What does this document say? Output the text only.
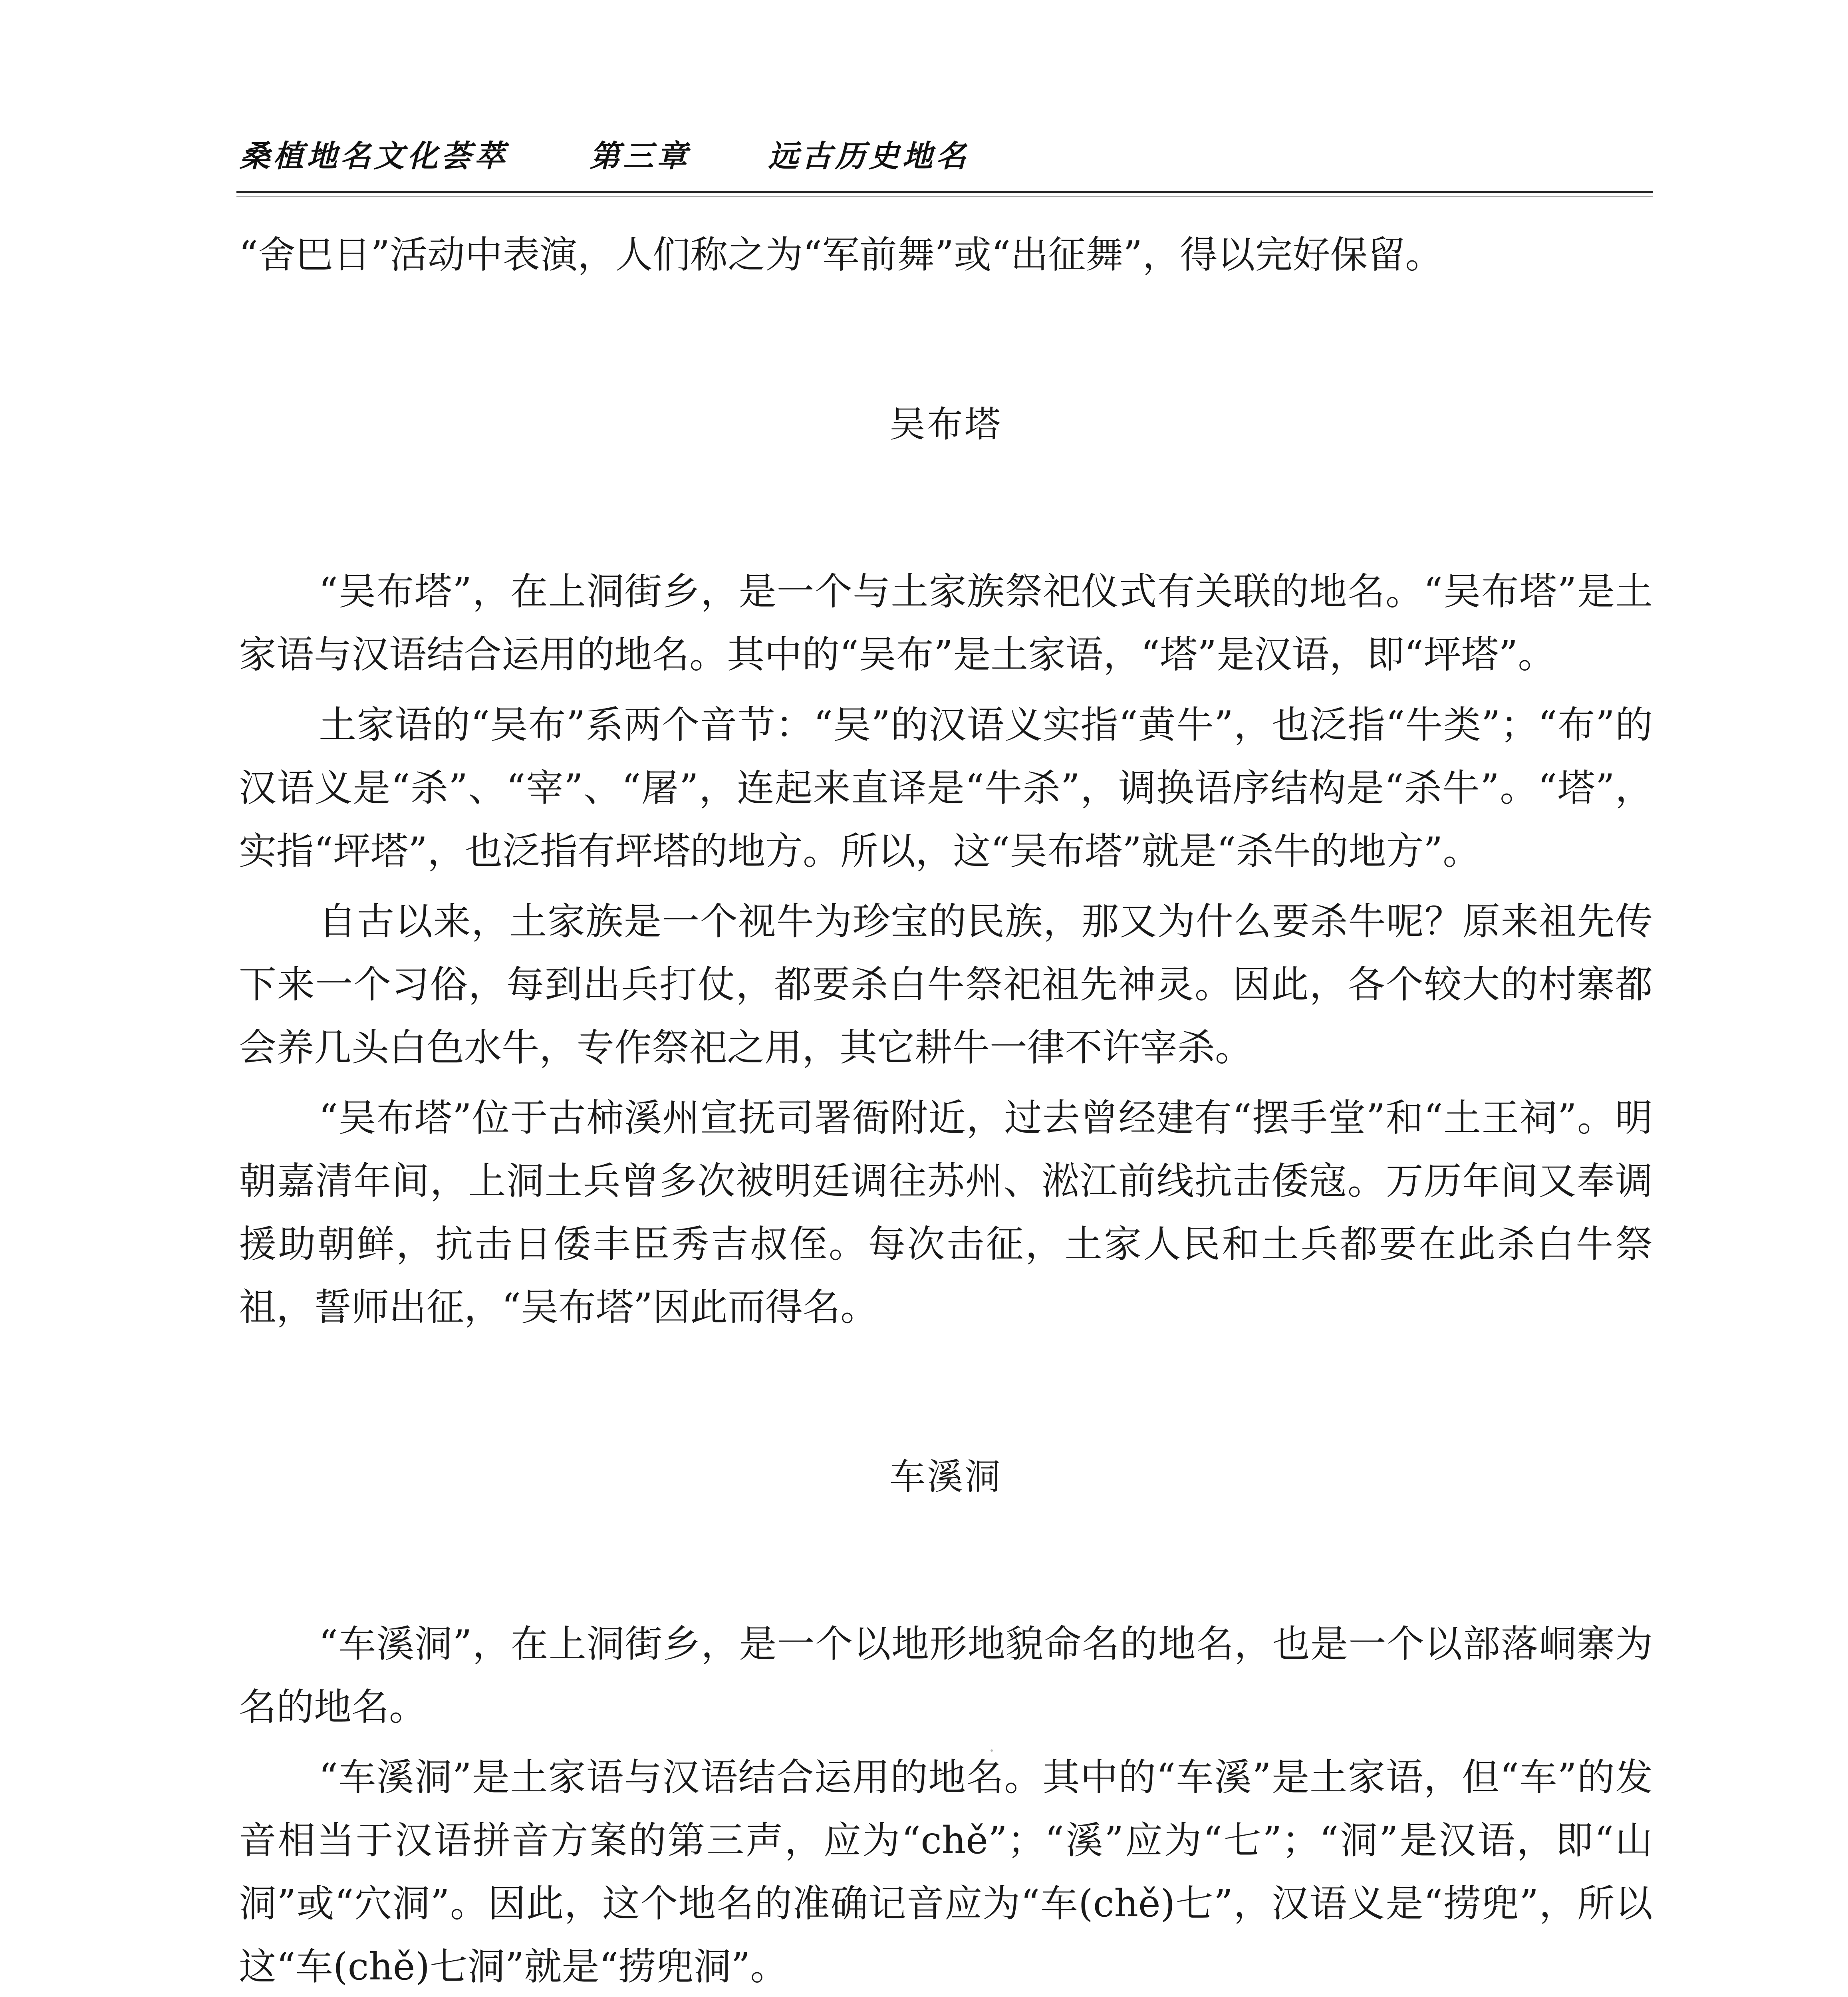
桑植地名文化荟萃	第三章	远古历史地名

“舍巴日”活动中表演，人们称之为“军前舞”或“出征舞”，得以完好保留。

吴布塔

“吴布塔”，在上洞街乡，是一个与土家族祭祀仪式有关联的地名。“吴布塔”是土家语与汉语结合运用的地名。其中的“吴布”是土家语，“塔”是汉语，即“坪塔”。

土家语的“吴布”系两个音节：“吴”的汉语义实指“黄牛”，也泛指“牛类”；“布”的汉语义是“杀”、“宰”、“屠”，连起来直译是“牛杀”，调换语序结构是“杀牛”。“塔”，实指“坪塔”，也泛指有坪塔的地方。所以，这“吴布塔”就是“杀牛的地方”。

自古以来，土家族是一个视牛为珍宝的民族，那又为什么要杀牛呢？原来祖先传下来一个习俗，每到出兵打仗，都要杀白牛祭祀祖先神灵。因此，各个较大的村寨都会养几头白色水牛，专作祭祀之用，其它耕牛一律不许宰杀。

“吴布塔”位于古柿溪州宣抚司署衙附近，过去曾经建有“摆手堂”和“土王祠”。明朝嘉清年间，上洞土兵曾多次被明廷调往苏州、淞江前线抗击倭寇。万历年间又奉调援助朝鲜，抗击日倭丰臣秀吉叔侄。每次击征，土家人民和土兵都要在此杀白牛祭祖，誓师出征，“吴布塔”因此而得名。

车溪洞

“车溪洞”，在上洞街乡，是一个以地形地貌命名的地名，也是一个以部落峒寨为名的地名。

“车溪洞”是土家语与汉语结合运用的地名。其中的“车溪”是土家语，但“车”的发音相当于汉语拼音方案的第三声，应为“chě”；“溪”应为“七”；“洞”是汉语，即“山洞”或“穴洞”。因此，这个地名的准确记音应为“车(chě)七”，汉语义是“捞兜”，所以这“车(chě)七洞”就是“捞兜洞”。
